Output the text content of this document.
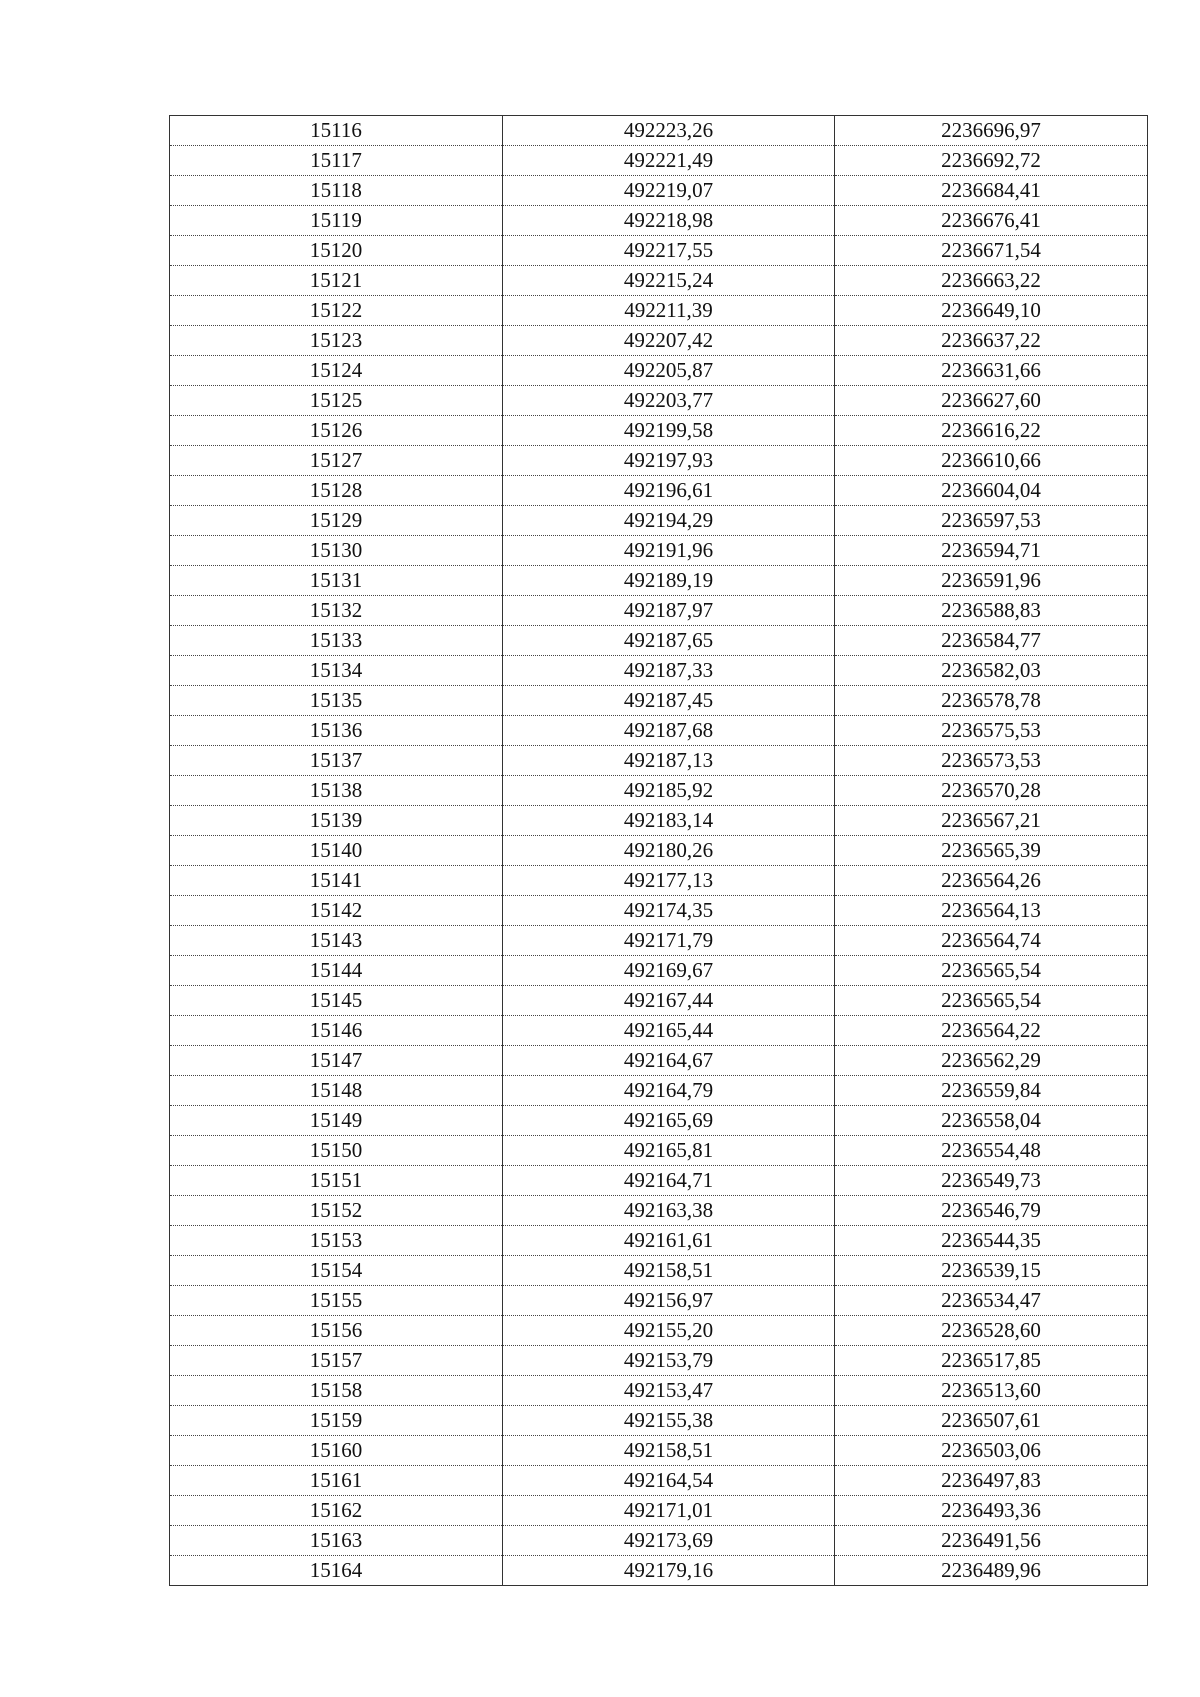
15116	492223,26	2236696,97
15117	492221,49	2236692,72
15118	492219,07	2236684,41
15119	492218,98	2236676,41
15120	492217,55	2236671,54
15121	492215,24	2236663,22
15122	492211,39	2236649,10
15123	492207,42	2236637,22
15124	492205,87	2236631,66
15125	492203,77	2236627,60
15126	492199,58	2236616,22
15127	492197,93	2236610,66
15128	492196,61	2236604,04
15129	492194,29	2236597,53
15130	492191,96	2236594,71
15131	492189,19	2236591,96
15132	492187,97	2236588,83
15133	492187,65	2236584,77
15134	492187,33	2236582,03
15135	492187,45	2236578,78
15136	492187,68	2236575,53
15137	492187,13	2236573,53
15138	492185,92	2236570,28
15139	492183,14	2236567,21
15140	492180,26	2236565,39
15141	492177,13	2236564,26
15142	492174,35	2236564,13
15143	492171,79	2236564,74
15144	492169,67	2236565,54
15145	492167,44	2236565,54
15146	492165,44	2236564,22
15147	492164,67	2236562,29
15148	492164,79	2236559,84
15149	492165,69	2236558,04
15150	492165,81	2236554,48
15151	492164,71	2236549,73
15152	492163,38	2236546,79
15153	492161,61	2236544,35
15154	492158,51	2236539,15
15155	492156,97	2236534,47
15156	492155,20	2236528,60
15157	492153,79	2236517,85
15158	492153,47	2236513,60
15159	492155,38	2236507,61
15160	492158,51	2236503,06
15161	492164,54	2236497,83
15162	492171,01	2236493,36
15163	492173,69	2236491,56
15164	492179,16	2236489,96
